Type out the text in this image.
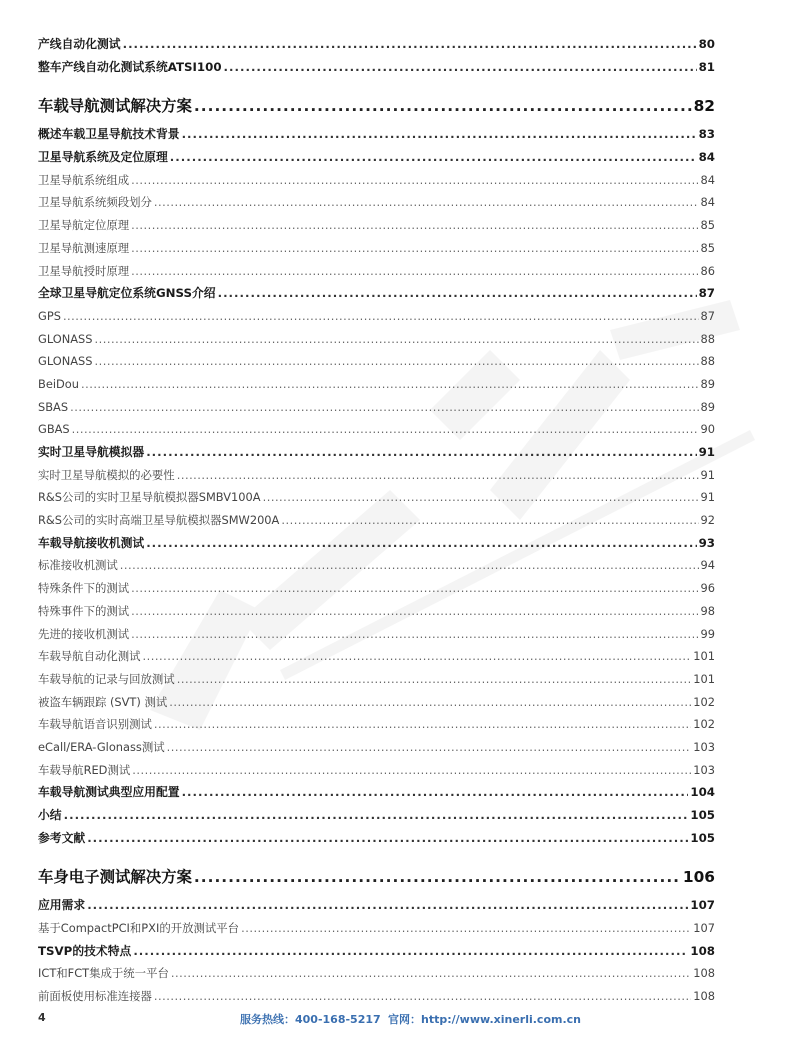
产线自动化测试 .....	80
整车产线自动化测试系统ATSI100 .....	81
车载导航测试解决方案 .....	82
概述车载卫星导航技术背景 .....	83
卫星导航系统及定位原理 .....	84
卫星导航系统组成 .....	84
卫星导航系统频段划分 .....	84
卫星导航定位原理 .....	85
卫星导航测速原理 .....	85
卫星导航授时原理 .....	86
全球卫星导航定位系统GNSS介绍 .....	87
GPS .....	87
GLONASS .....	88
GLONASS .....	88
BeiDou .....	89
SBAS .....	89
GBAS .....	90
实时卫星导航模拟器 .....	91
实时卫星导航模拟的必要性 .....	91
R&S公司的实时卫星导航模拟器SMBV100A .....	91
R&S公司的实时高端卫星导航模拟器SMW200A .....	92
车载导航接收机测试 .....	93
标准接收机测试 .....	94
特殊条件下的测试 .....	96
特殊事件下的测试 .....	98
先进的接收机测试 .....	99
车载导航自动化测试 .....	101
车载导航的记录与回放测试 .....	101
被盗车辆跟踪 (SVT) 测试 .....	102
车载导航语音识别测试 .....	102
eCall/ERA-Glonass测试 .....	103
车载导航RED测试 .....	103
车载导航测试典型应用配置 .....	104
小结 .....	105
参考文献 .....	105
车身电子测试解决方案 .....	106
应用需求 .....	107
基于CompactPCI和PXI的开放测试平台 .....	107
TSVP的技术特点 .....	108
ICT和FCT集成于统一平台 .....	108
前面板使用标准连接器 .....	108
4	服务热线：400-168-5217 官网：http://www.xinerli.com.cn
